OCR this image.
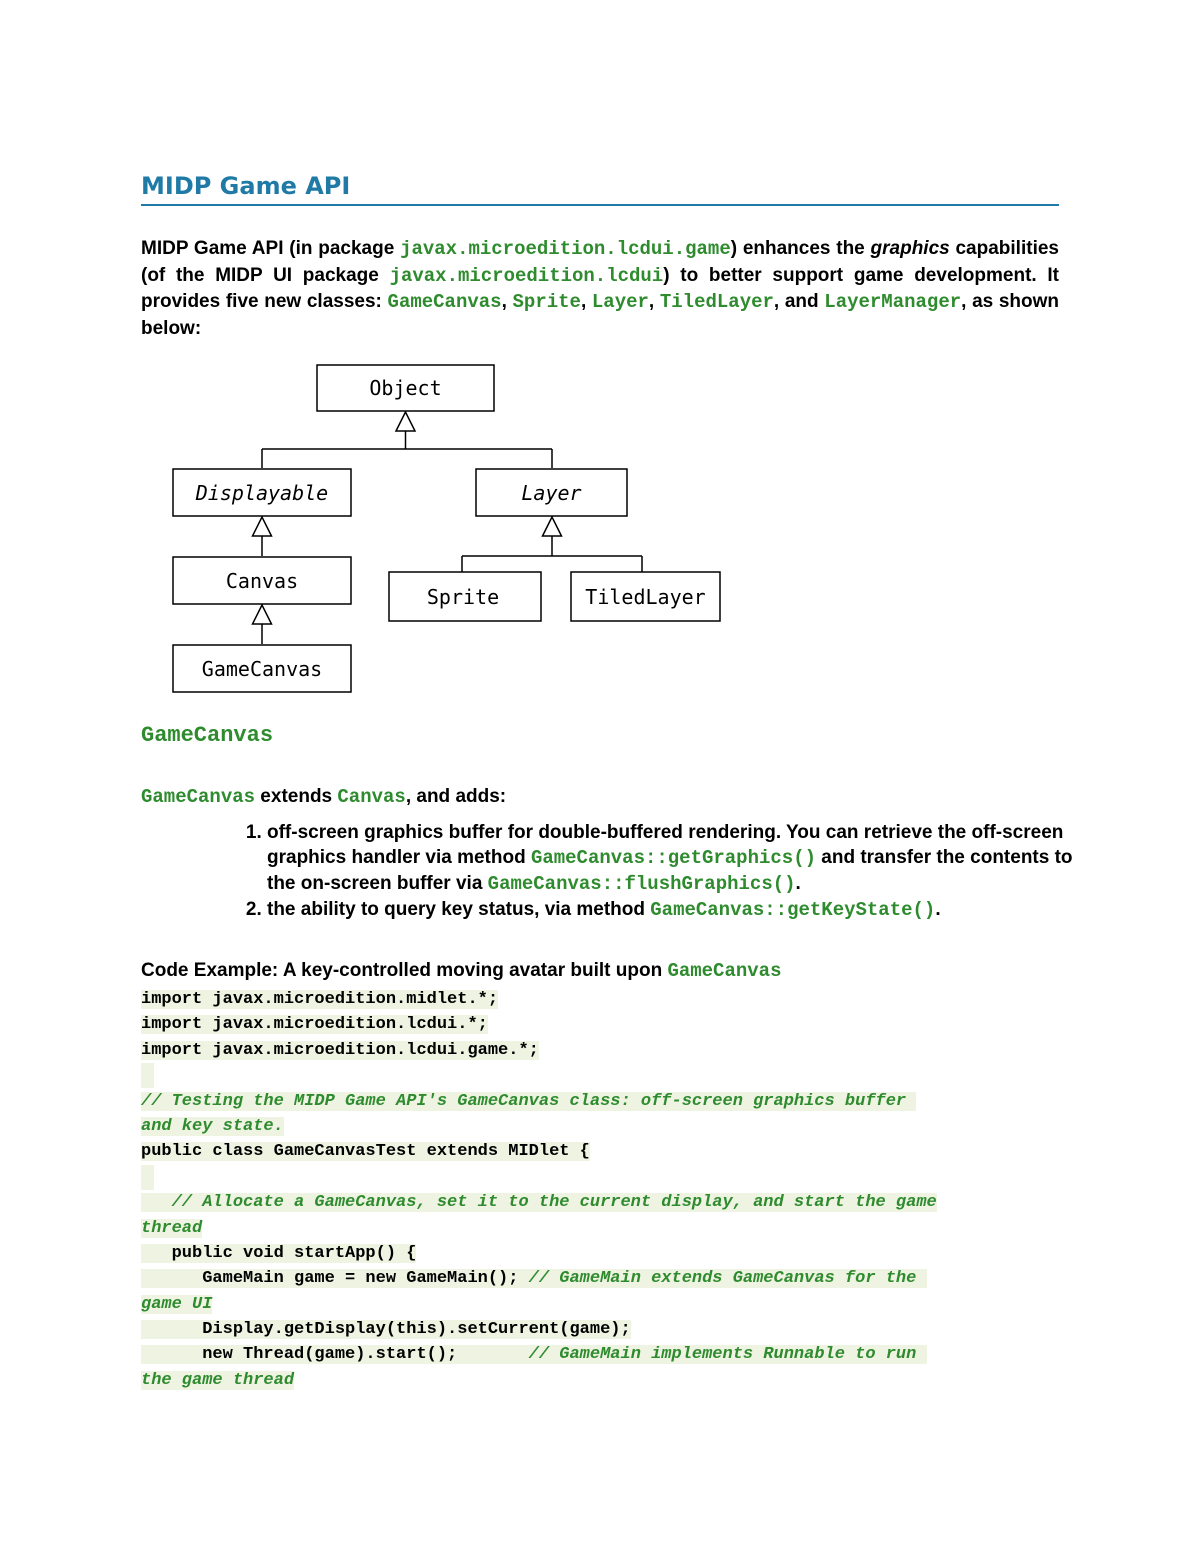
MIDP Game API
MIDP Game API (in package javax.microedition.lcdui.game) enhances the graphics capabilities (of the MIDP UI package javax.microedition.lcdui) to better support game development. It provides five new classes: GameCanvas, Sprite, Layer, TiledLayer, and LayerManager, as shown below:
Object
Displayable	Layer
Canvas
Sprite	TiledLayer
GameCanvas
GameCanvas
GameCanvas extends Canvas, and adds:
1. off-screen graphics buffer for double-buffered rendering. You can retrieve the off-screen graphics handler via method GameCanvas::getGraphics() and transfer the contents to the on-screen buffer via GameCanvas::flushGraphics().
2. the ability to query key status, via method GameCanvas::getKeyState().
Code Example: A key-controlled moving avatar built upon GameCanvas
import javax.microedition.midlet.*;
import javax.microedition.lcdui.*;
import javax.microedition.lcdui.game.*;
// Testing the MIDP Game API's GameCanvas class: off-screen graphics buffer
and key state.
public class GameCanvasTest extends MIDlet {
// Allocate a GameCanvas, set it to the current display, and start the game
thread
public void startApp() {
GameMain game = new GameMain(); // GameMain extends GameCanvas for the
game UI
Display.getDisplay(this).setCurrent(game);
new Thread(game).start();       // GameMain implements Runnable to run
the game thread
